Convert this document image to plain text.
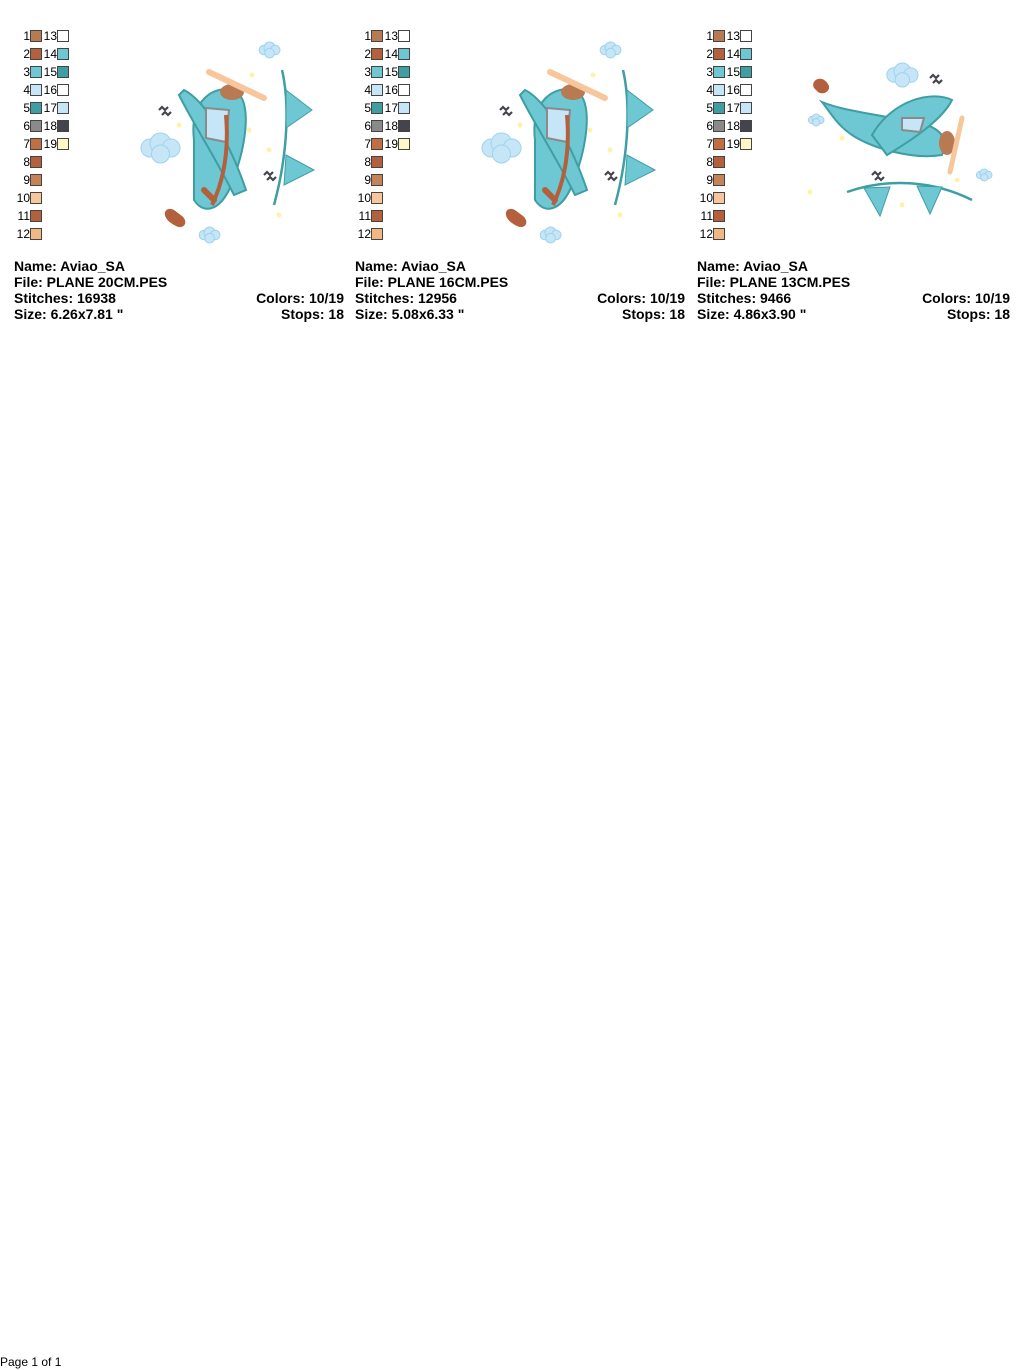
1
2
3
4
5
6
7
8
9
10
11
12
13
14
15
16
17
18
19
Name: Aviao_SA
File: PLANE 20CM.PES
Stitches: 16938	Colors: 10/19
Size: 6.26x7.81 "	Stops: 18
1
2
3
4
5
6
7
8
9
10
11
12
13
14
15
16
17
18
19
Name: Aviao_SA
File: PLANE 16CM.PES
Stitches: 12956	Colors: 10/19
Size: 5.08x6.33 "	Stops: 18
1
2
3
4
5
6
7
8
9
10
11
12
13
14
15
16
17
18
19
Name: Aviao_SA
File: PLANE 13CM.PES
Stitches: 9466	Colors: 10/19
Size: 4.86x3.90 "	Stops: 18
Page 1 of 1
